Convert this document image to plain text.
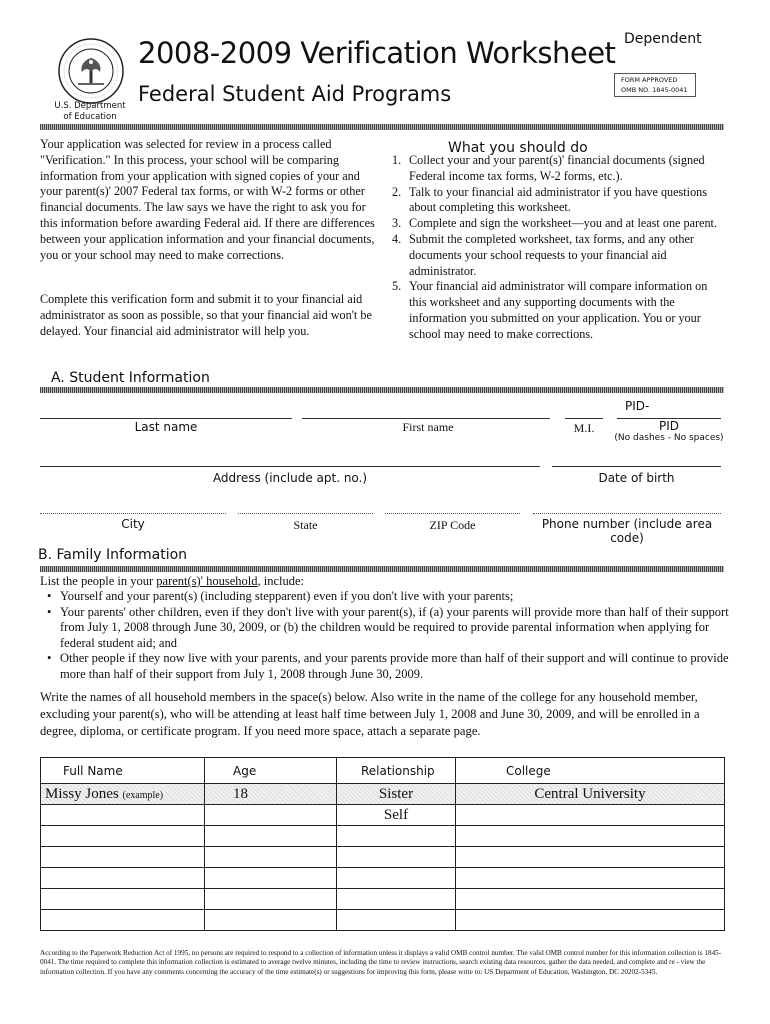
U.S. Department
of Education
2008-2009 Verification Worksheet
Federal Student Aid Programs
Dependent
FORM APPROVED
OMB NO. 1845-0041
Your application was selected for review in a process called "Verification." In this process, your school will be comparing information from your application with signed copies of your and your parent(s)' 2007 Federal tax forms, or with W-2 forms or other financial documents. The law says we have the right to ask you for this information before awarding Federal aid. If there are differences between your application information and your financial documents, you or your school may need to make corrections.
Complete this verification form and submit it to your financial aid administrator as soon as possible, so that your financial aid won't be delayed. Your financial aid administrator will help you.
What you should do
1. Collect your and your parent(s)' financial documents (signed Federal income tax forms, W-2 forms, etc.).
2. Talk to your financial aid administrator if you have questions about completing this worksheet.
3. Complete and sign the worksheet—you and at least one parent.
4. Submit the completed worksheet, tax forms, and any other documents your school requests to your financial aid administrator.
5. Your financial aid administrator will compare information on this worksheet and any supporting documents with the information you submitted on your application. You or your school may need to make corrections.
A. Student Information
PID-
Last name	First name	M.I.	PID
(No dashes - No spaces)
Address (include apt. no.)	Date of birth
City	State	ZIP Code	Phone number (include area code)
B. Family Information
List the people in your parent(s)' household, include:
• Yourself and your parent(s) (including stepparent) even if you don't live with your parents;
• Your parents' other children, even if they don't live with your parent(s), if (a) your parents will provide more than half of their support from July 1, 2008 through June 30, 2009, or (b) the children would be required to provide parental information when applying for federal student aid; and
• Other people if they now live with your parents, and your parents provide more than half of their support and will continue to provide more than half of their support from July 1, 2008 through June 30, 2009.
Write the names of all household members in the space(s) below. Also write in the name of the college for any household member, excluding your parent(s), who will be attending at least half time between July 1, 2008 and June 30, 2009, and will be enrolled in a degree, diploma, or certificate program. If you need more space, attach a separate page.
Full Name	Age	Relationship	College
Missy Jones (example)	18	Sister	Central University
		Self	

According to the Paperwork Reduction Act of 1995, no persons are required to respond to a collection of information unless it displays a valid OMB control number. The valid OMB control number for this information collection is 1845-0041. The time required to complete this information collection is estimated to average twelve minutes, including the time to review instructions, search existing data resources, gather the data needed, and complete and re - view the information collection. If you have any comments concerning the accuracy of the time estimate(s) or suggestions for improving this form, please write to: US Department of Education, Washington, DC 20202-5345.
